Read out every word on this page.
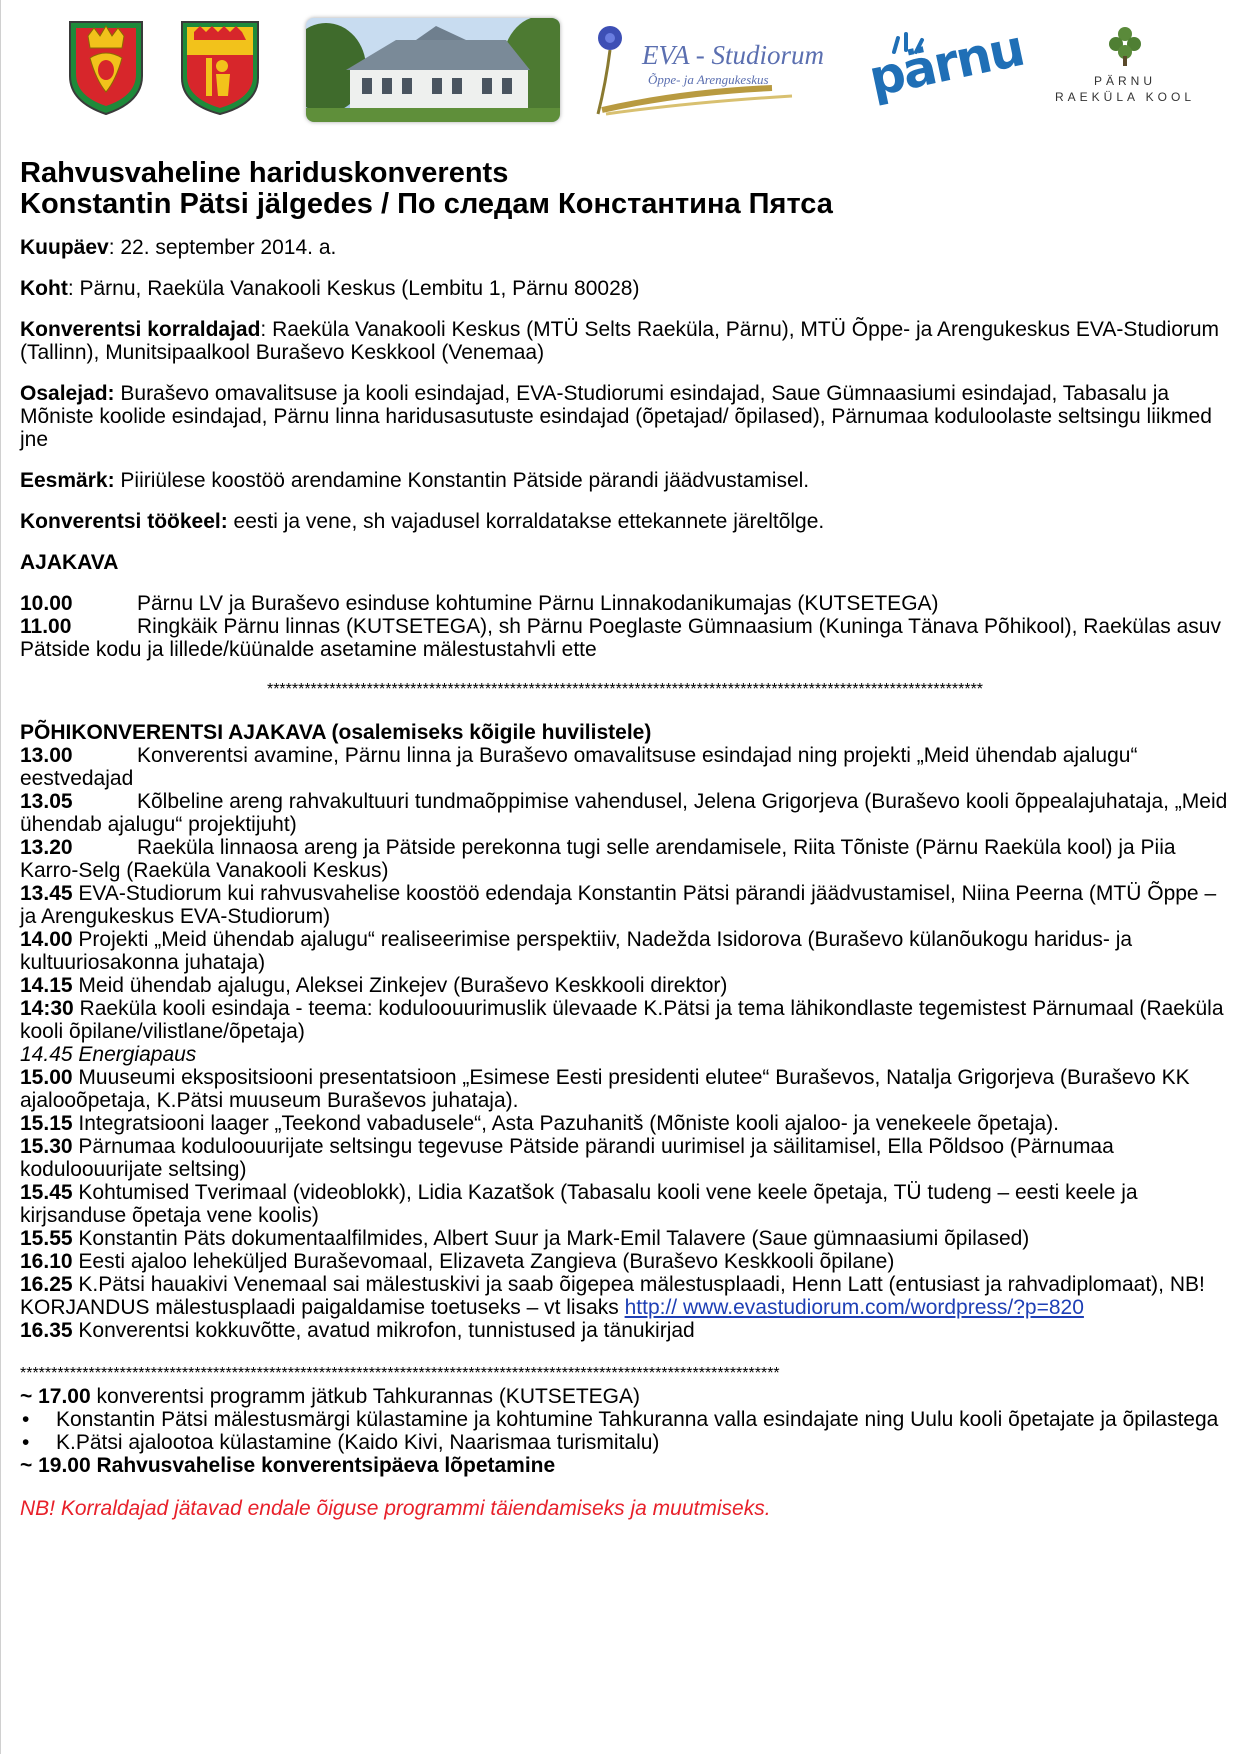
EVA - Studiorum
Õppe- ja Arengukeskus pärnu	PÄRNU
RAEKÜLA KOOL
Rahvusvaheline hariduskonverents
Konstantin Pätsi jälgedes / По следам Константина Пятса
Kuupäev: 22. september 2014. a.
Koht: Pärnu, Raeküla Vanakooli Keskus (Lembitu 1, Pärnu 80028)
Konverentsi korraldajad: Raeküla Vanakooli Keskus (MTÜ Selts Raeküla, Pärnu), MTÜ Õppe- ja Arengukeskus EVA-Studiorum (Tallinn), Munitsipaalkool Buraševo Keskkool (Venemaa)
Osalejad: Buraševo omavalitsuse ja kooli esindajad, EVA-Studiorumi esindajad, Saue Gümnaasiumi esindajad, Tabasalu ja Mõniste koolide esindajad, Pärnu linna haridusasutuste esindajad (õpetajad/ õpilased), Pärnumaa koduloolaste seltsingu liikmed jne
Eesmärk: Piiriülese koostöö arendamine Konstantin Pätside pärandi jäädvustamisel.
Konverentsi töökeel: eesti ja vene, sh vajadusel korraldatakse ettekannete järeltõlge.
AJAKAVA
10.00	Pärnu LV ja Buraševo esinduse kohtumine Pärnu Linnakodanikumajas (KUTSETEGA)
11.00	Ringkäik Pärnu linnas (KUTSETEGA), sh Pärnu Poeglaste Gümnaasium (Kuninga Tänava Põhikool), Raekülas asuv Pätside kodu ja lillede/küünalde asetamine mälestustahvli ette
*******************************************************************************************************************
PÕHIKONVERENTSI AJAKAVA (osalemiseks kõigile huvilistele)
13.00	Konverentsi avamine, Pärnu linna ja Buraševo omavalitsuse esindajad ning projekti „Meid ühendab ajalugu“ eestvedajad
13.05	Kõlbeline areng rahvakultuuri tundmaõppimise vahendusel, Jelena Grigorjeva (Buraševo kooli õppealajuhataja, „Meid ühendab ajalugu“ projektijuht)
13.20	Raeküla linnaosa areng ja Pätside perekonna tugi selle arendamisele, Riita Tõniste (Pärnu Raeküla kool) ja Piia Karro-Selg (Raeküla Vanakooli Keskus)
13.45 EVA-Studiorum kui rahvusvahelise koostöö edendaja Konstantin Pätsi pärandi jäädvustamisel, Niina Peerna (MTÜ Õppe – ja Arengukeskus EVA-Studiorum)
14.00 Projekti „Meid ühendab ajalugu“ realiseerimise perspektiiv, Nadežda Isidorova (Buraševo külanõukogu haridus- ja kultuuriosakonna juhataja)
14.15 Meid ühendab ajalugu, Aleksei Zinkejev (Buraševo Keskkooli direktor)
14:30 Raeküla kooli esindaja - teema: koduloouurimuslik ülevaade K.Pätsi ja tema lähikondlaste tegemistest Pärnumaal (Raeküla kooli õpilane/vilistlane/õpetaja)
14.45 Energiapaus
15.00 Muuseumi ekspositsiooni presentatsioon „Esimese Eesti presidenti elutee“ Buraševos, Natalja Grigorjeva (Buraševo KK ajalooõpetaja, K.Pätsi muuseum Buraševos juhataja).
15.15 Integratsiooni laager „Teekond vabadusele“, Asta Pazuhanitš (Mõniste kooli ajaloo- ja venekeele õpetaja).
15.30 Pärnumaa koduloouurijate seltsingu tegevuse Pätside pärandi uurimisel ja säilitamisel, Ella Põldsoo (Pärnumaa koduloouurijate seltsing)
15.45 Kohtumised Tverimaal (videoblokk), Lidia Kazatšok (Tabasalu kooli vene keele õpetaja, TÜ tudeng – eesti keele ja kirjsanduse õpetaja vene koolis)
15.55 Konstantin Päts dokumentaalfilmides, Albert Suur ja Mark-Emil Talavere (Saue gümnaasiumi õpilased)
16.10 Eesti ajaloo leheküljed Buraševomaal, Elizaveta Zangieva (Buraševo Keskkooli õpilane)
16.25 K.Pätsi hauakivi Venemaal sai mälestuskivi ja saab õigepea mälestusplaadi, Henn Latt (entusiast ja rahvadiplomaat), NB! KORJANDUS mälestusplaadi paigaldamise toetuseks – vt lisaks http:// www.evastudiorum.com/wordpress/?p=820
16.35 Konverentsi kokkuvõtte, avatud mikrofon, tunnistused ja tänukirjad
**************************************************************************************************************************
~ 17.00 konverentsi programm jätkub Tahkurannas (KUTSETEGA)
• Konstantin Pätsi mälestusmärgi külastamine ja kohtumine Tahkuranna valla esindajate ning Uulu kooli õpetajate ja õpilastega
• K.Pätsi ajalootoa külastamine (Kaido Kivi, Naarismaa turismitalu)
~ 19.00 Rahvusvahelise konverentsipäeva lõpetamine
NB! Korraldajad jätavad endale õiguse programmi täiendamiseks ja muutmiseks.
